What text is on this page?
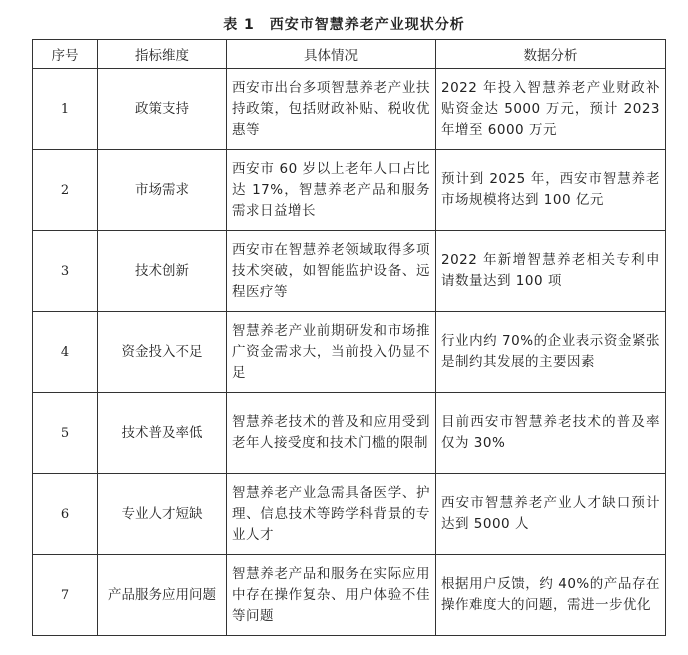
表 1　西安市智慧养老产业现状分析
序号	指标维度	具体情况	数据分析
1	政策支持	西安市出台多项智慧养老产业扶持政策，包括财政补贴、税收优惠等	2022 年投入智慧养老产业财政补贴资金达 5000 万元，预计 2023 年增至 6000 万元
2	市场需求	西安市 60 岁以上老年人口占比达 17%，智慧养老产品和服务需求日益增长	预计到 2025 年，西安市智慧养老市场规模将达到 100 亿元
3	技术创新	西安市在智慧养老领域取得多项技术突破，如智能监护设备、远程医疗等	2022 年新增智慧养老相关专利申请数量达到 100 项
4	资金投入不足	智慧养老产业前期研发和市场推广资金需求大，当前投入仍显不足	行业内约 70%的企业表示资金紧张是制约其发展的主要因素
5	技术普及率低	智慧养老技术的普及和应用受到老年人接受度和技术门槛的限制	目前西安市智慧养老技术的普及率仅为 30%
6	专业人才短缺	智慧养老产业急需具备医学、护理、信息技术等跨学科背景的专业人才	西安市智慧养老产业人才缺口预计达到 5000 人
7	产品服务应用问题	智慧养老产品和服务在实际应用中存在操作复杂、用户体验不佳等问题	根据用户反馈，约 40%的产品存在操作难度大的问题，需进一步优化
